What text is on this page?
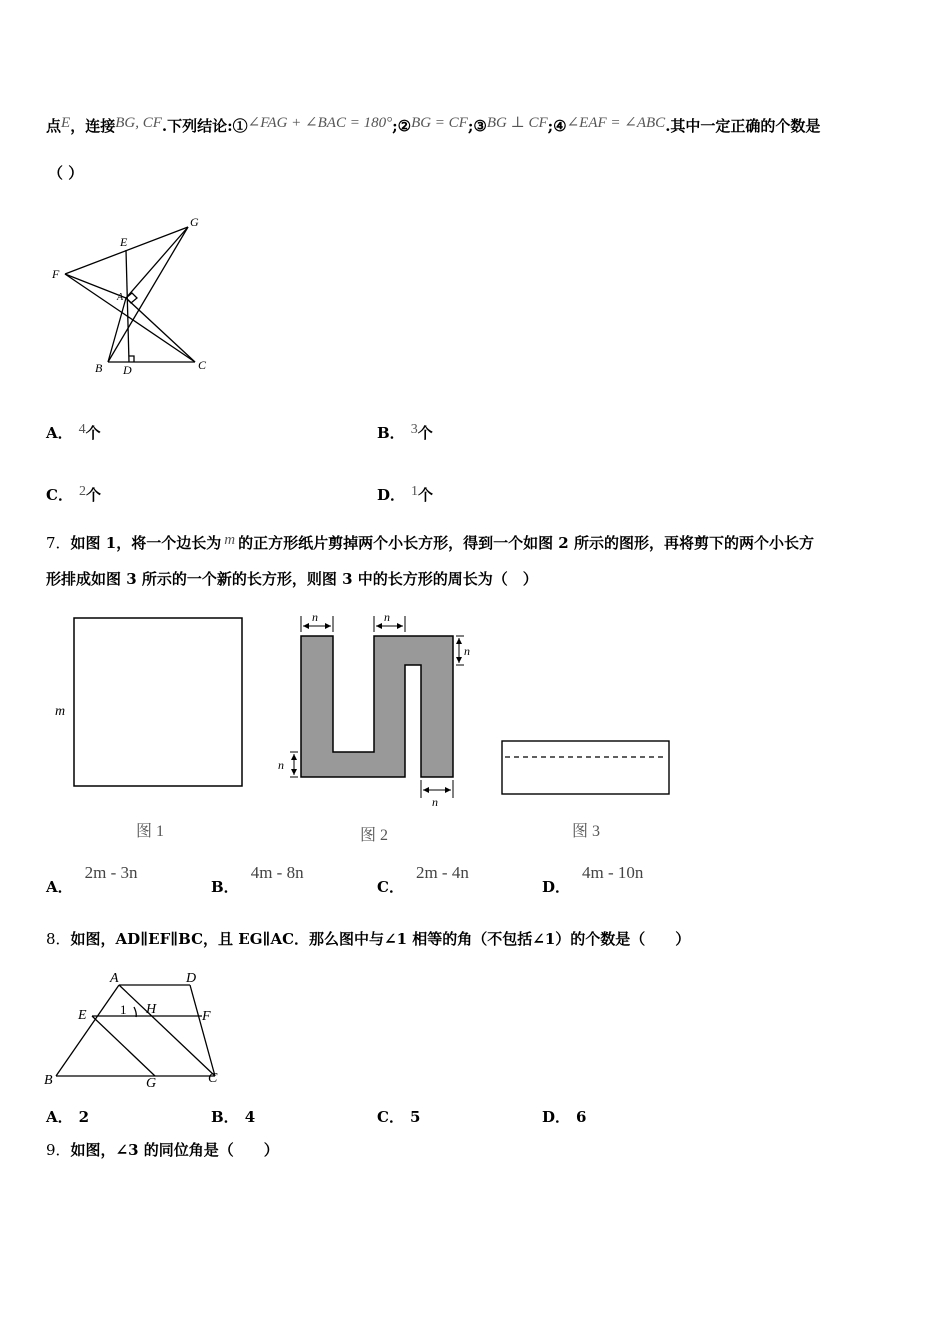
点E，连接BG, CF.下列结论:①∠FAG + ∠BAC = 180°;②BG = CF;③BG ⊥ CF;④∠EAF = ∠ABC.其中一定正确的个数是
（ ）
E
G
F
A
B D	C
A． 4个	B． 3个
C． 2个	D． 1个
7．如图 1，将一个边长为 m 的正方形纸片剪掉两个小长方形，得到一个如图 2 所示的图形，再将剪下的两个小长方
形排成如图 3 所示的一个新的长方形，则图 3 中的长方形的周长为（　）
m
图 1
n	n
n
n
n
图 2	图 3
A．2m - 3n
B．4m - 8n
C．2m - 4n
D．4m - 10n
8．如图，AD∥EF∥BC，且 EG∥AC．那么图中与∠1 相等的角（不包括∠1）的个数是（　　）
A	D
E	1 H	F
B	G	C
A． 2	B． 4	C． 5	D． 6
9．如图，∠3 的同位角是（　　）
